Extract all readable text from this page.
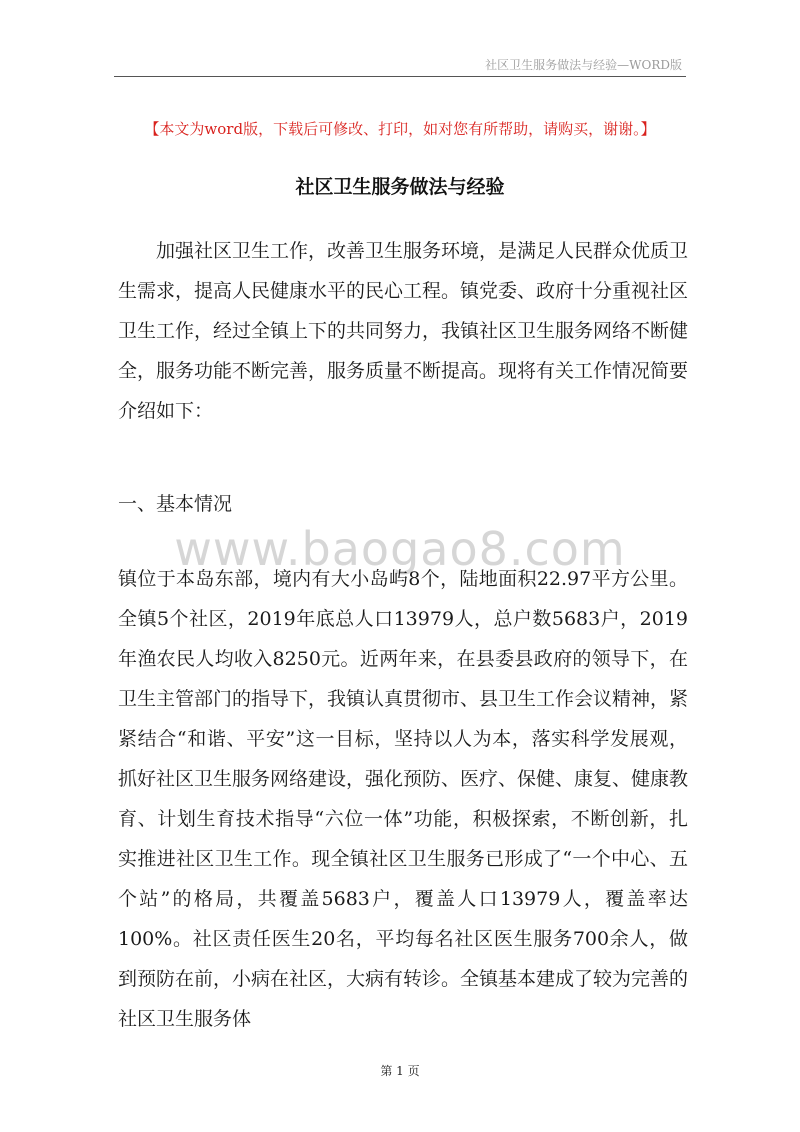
社区卫生服务做法与经验—WORD版
【本文为word版，下载后可修改、打印，如对您有所帮助，请购买，谢谢。】
社区卫生服务做法与经验

加强社区卫生工作，改善卫生服务环境，是满足人民群众优质卫生需求，提高人民健康水平的民心工程。镇党委、政府十分重视社区卫生工作，经过全镇上下的共同努力，我镇社区卫生服务网络不断健全，服务功能不断完善，服务质量不断提高。现将有关工作情况简要介绍如下：

一、基本情况

www.baogao8.com

镇位于本岛东部，境内有大小岛屿8个，陆地面积22.97平方公里。全镇5个社区，2019年底总人口13979人，总户数5683户，2019年渔农民人均收入8250元。近两年来，在县委县政府的领导下，在卫生主管部门的指导下，我镇认真贯彻市、县卫生工作会议精神，紧紧结合“和谐、平安”这一目标，坚持以人为本，落实科学发展观，抓好社区卫生服务网络建设，强化预防、医疗、保健、康复、健康教育、计划生育技术指导“六位一体”功能，积极探索，不断创新，扎实推进社区卫生工作。现全镇社区卫生服务已形成了“一个中心、五个站”的格局，共覆盖5683户，覆盖人口13979人，覆盖率达100%。社区责任医生20名，平均每名社区医生服务700余人，做到预防在前，小病在社区，大病有转诊。全镇基本建成了较为完善的社区卫生服务体

第 1 页
